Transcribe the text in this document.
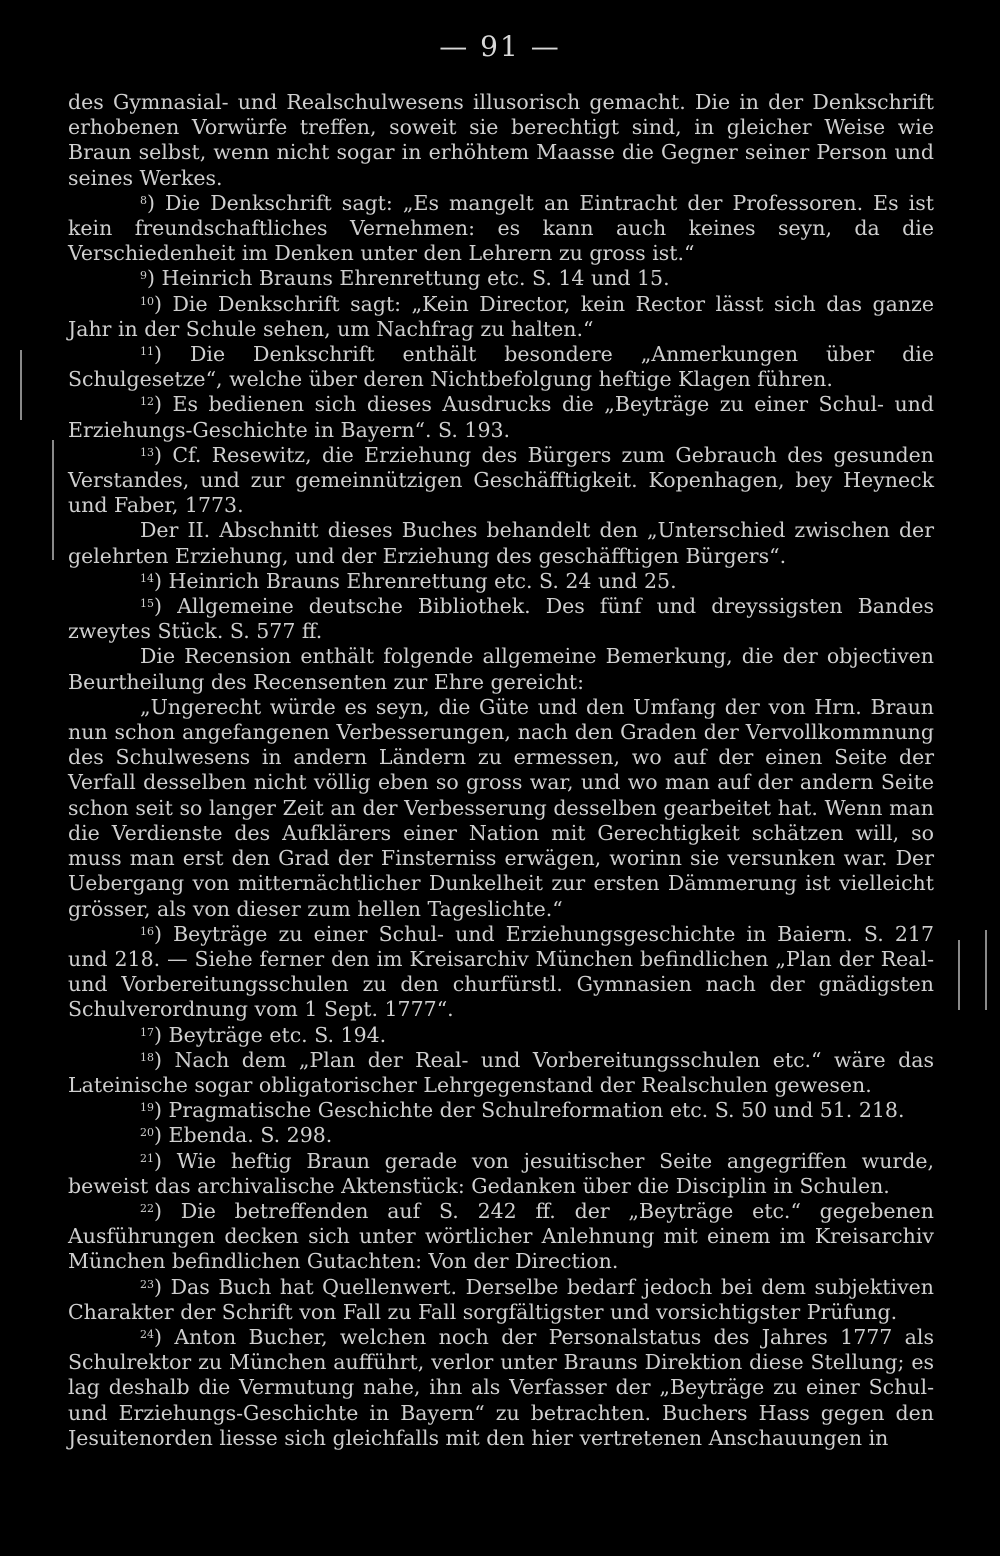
— 91 —

des Gymnasial- und Realschulwesens illusorisch gemacht. Die in der Denkschrift erhobenen Vorwürfe treffen, soweit sie berechtigt sind, in gleicher Weise wie Braun selbst, wenn nicht sogar in erhöhtem Maasse die Gegner seiner Person und seines Werkes.

$^8$) Die Denkschrift sagt: „Es mangelt an Eintracht der Professoren. Es ist kein freundschaftliches Vernehmen: es kann auch keines seyn, da die Verschiedenheit im Denken unter den Lehrern zu gross ist.“

$^9$) Heinrich Brauns Ehrenrettung etc. S. 14 und 15.

$^{10}$) Die Denkschrift sagt: „Kein Director, kein Rector lässt sich das ganze Jahr in der Schule sehen, um Nachfrag zu halten.“

$^{11}$) Die Denkschrift enthält besondere „Anmerkungen über die Schulgesetze“, welche über deren Nichtbefolgung heftige Klagen führen.

$^{12}$) Es bedienen sich dieses Ausdrucks die „Beyträge zu einer Schul- und Erziehungs-Geschichte in Bayern“. S. 193.

$^{13}$) Cf. Resewitz, die Erziehung des Bürgers zum Gebrauch des gesunden Verstandes, und zur gemeinnützigen Geschäfftigkeit. Kopenhagen, bey Heyneck und Faber, 1773.

Der II. Abschnitt dieses Buches behandelt den „Unterschied zwischen der gelehrten Erziehung, und der Erziehung des geschäfftigen Bürgers“.

$^{14}$) Heinrich Brauns Ehrenrettung etc. S. 24 und 25.

$^{15}$) Allgemeine deutsche Bibliothek. Des fünf und dreyssigsten Bandes zweytes Stück. S. 577 ff.

Die Recension enthält folgende allgemeine Bemerkung, die der objectiven Beurtheilung des Recensenten zur Ehre gereicht:

„Ungerecht würde es seyn, die Güte und den Umfang der von Hrn. Braun nun schon angefangenen Verbesserungen, nach den Graden der Vervollkommnung des Schulwesens in andern Ländern zu ermessen, wo auf der einen Seite der Verfall desselben nicht völlig eben so gross war, und wo man auf der andern Seite schon seit so langer Zeit an der Verbesserung desselben gearbeitet hat. Wenn man die Verdienste des Aufklärers einer Nation mit Gerechtigkeit schätzen will, so muss man erst den Grad der Finsterniss erwägen, worinn sie versunken war. Der Uebergang von mitternächtlicher Dunkelheit zur ersten Dämmerung ist vielleicht grösser, als von dieser zum hellen Tageslichte.“

$^{16}$) Beyträge zu einer Schul- und Erziehungsgeschichte in Baiern. S. 217 und 218. — Siehe ferner den im Kreisarchiv München befindlichen „Plan der Real- und Vorbereitungsschulen zu den churfürstl. Gymnasien nach der gnädigsten Schulverordnung vom 1 Sept. 1777“.

$^{17}$) Beyträge etc. S. 194.

$^{18}$) Nach dem „Plan der Real- und Vorbereitungsschulen etc.“ wäre das Lateinische sogar obligatorischer Lehrgegenstand der Realschulen gewesen.

$^{19}$) Pragmatische Geschichte der Schulreformation etc. S. 50 und 51. 218.

$^{20}$) Ebenda. S. 298.

$^{21}$) Wie heftig Braun gerade von jesuitischer Seite angegriffen wurde, beweist das archivalische Aktenstück: Gedanken über die Disciplin in Schulen.

$^{22}$) Die betreffenden auf S. 242 ff. der „Beyträge etc.“ gegebenen Ausführungen decken sich unter wörtlicher Anlehnung mit einem im Kreisarchiv München befindlichen Gutachten: Von der Direction.

$^{23}$) Das Buch hat Quellenwert. Derselbe bedarf jedoch bei dem subjektiven Charakter der Schrift von Fall zu Fall sorgfältigster und vorsichtigster Prüfung.

$^{24}$) Anton Bucher, welchen noch der Personalstatus des Jahres 1777 als Schulrektor zu München aufführt, verlor unter Brauns Direktion diese Stellung; es lag deshalb die Vermutung nahe, ihn als Verfasser der „Beyträge zu einer Schul- und Erziehungs-Geschichte in Bayern“ zu betrachten. Buchers Hass gegen den Jesuitenorden liesse sich gleichfalls mit den hier vertretenen Anschauungen in
